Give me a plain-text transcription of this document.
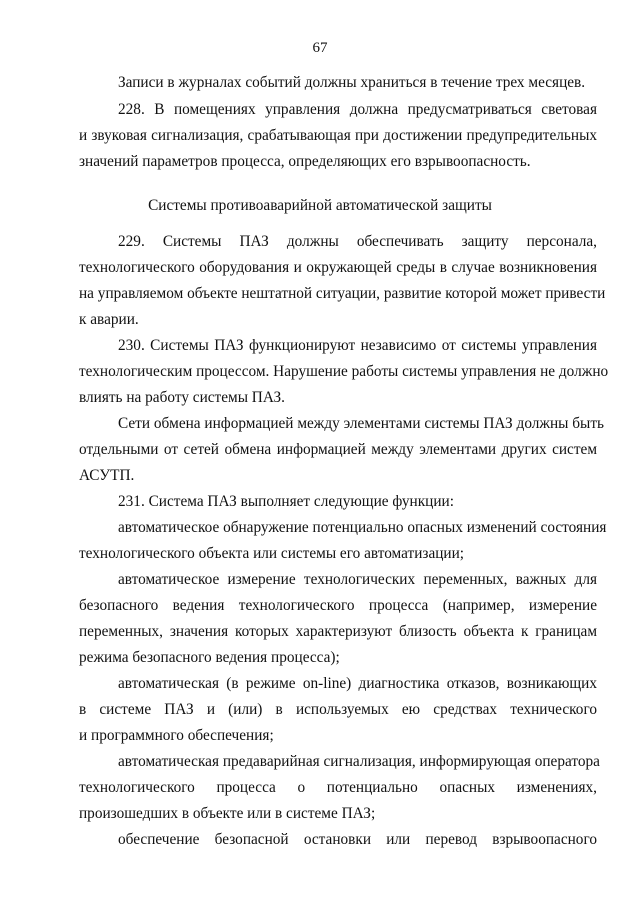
67
Записи в журналах событий должны храниться в течение трех месяцев.
228. В помещениях управления должна предусматриваться световая
и звуковая сигнализация, срабатывающая при достижении предупредительных
значений параметров процесса, определяющих его взрывоопасность.
Системы противоаварийной автоматической защиты
229. Системы ПАЗ должны обеспечивать защиту персонала,
технологического оборудования и окружающей среды в случае возникновения
на управляемом объекте нештатной ситуации, развитие которой может привести
к аварии.
230. Системы ПАЗ функционируют независимо от системы управления
технологическим процессом. Нарушение работы системы управления не должно
влиять на работу системы ПАЗ.
Сети обмена информацией между элементами системы ПАЗ должны быть
отдельными от сетей обмена информацией между элементами других систем
АСУТП.
231. Система ПАЗ выполняет следующие функции:
автоматическое обнаружение потенциально опасных изменений состояния
технологического объекта или системы его автоматизации;
автоматическое измерение технологических переменных, важных для
безопасного ведения технологического процесса (например, измерение
переменных, значения которых характеризуют близость объекта к границам
режима безопасного ведения процесса);
автоматическая (в режиме on-line) диагностика отказов, возникающих
в системе ПАЗ и (или) в используемых ею средствах технического
и программного обеспечения;
автоматическая предаварийная сигнализация, информирующая оператора
технологического процесса о потенциально опасных изменениях,
произошедших в объекте или в системе ПАЗ;
обеспечение безопасной остановки или перевод взрывоопасного
